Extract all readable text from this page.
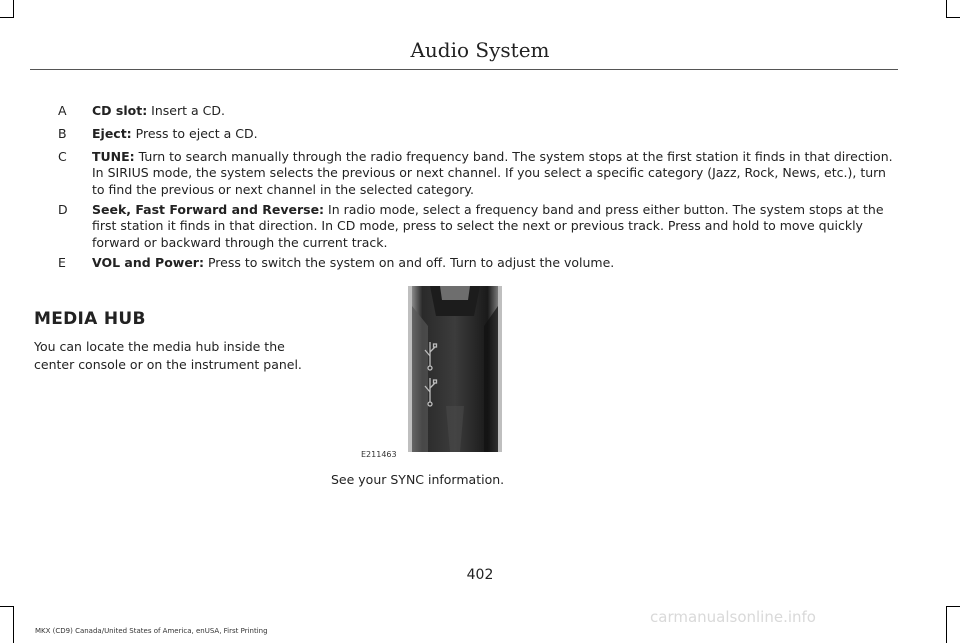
Audio System
A	CD slot: Insert a CD.
B	Eject: Press to eject a CD.
C	TUNE: Turn to search manually through the radio frequency band. The system stops at the first station it finds in that direction. In SIRIUS mode, the system selects the previous or next channel. If you select a specific category (Jazz, Rock, News, etc.), turn to find the previous or next channel in the selected category.
D	Seek, Fast Forward and Reverse: In radio mode, select a frequency band and press either button. The system stops at the first station it finds in that direction. In CD mode, press to select the next or previous track. Press and hold to move quickly forward or backward through the current track.
E	VOL and Power: Press to switch the system on and off. Turn to adjust the volume.
MEDIA HUB
You can locate the media hub inside the center console or on the instrument panel.
E211463
See your SYNC information.
402
MKX (CD9) Canada/United States of America, enUSA, First Printing
carmanualsonline.info
